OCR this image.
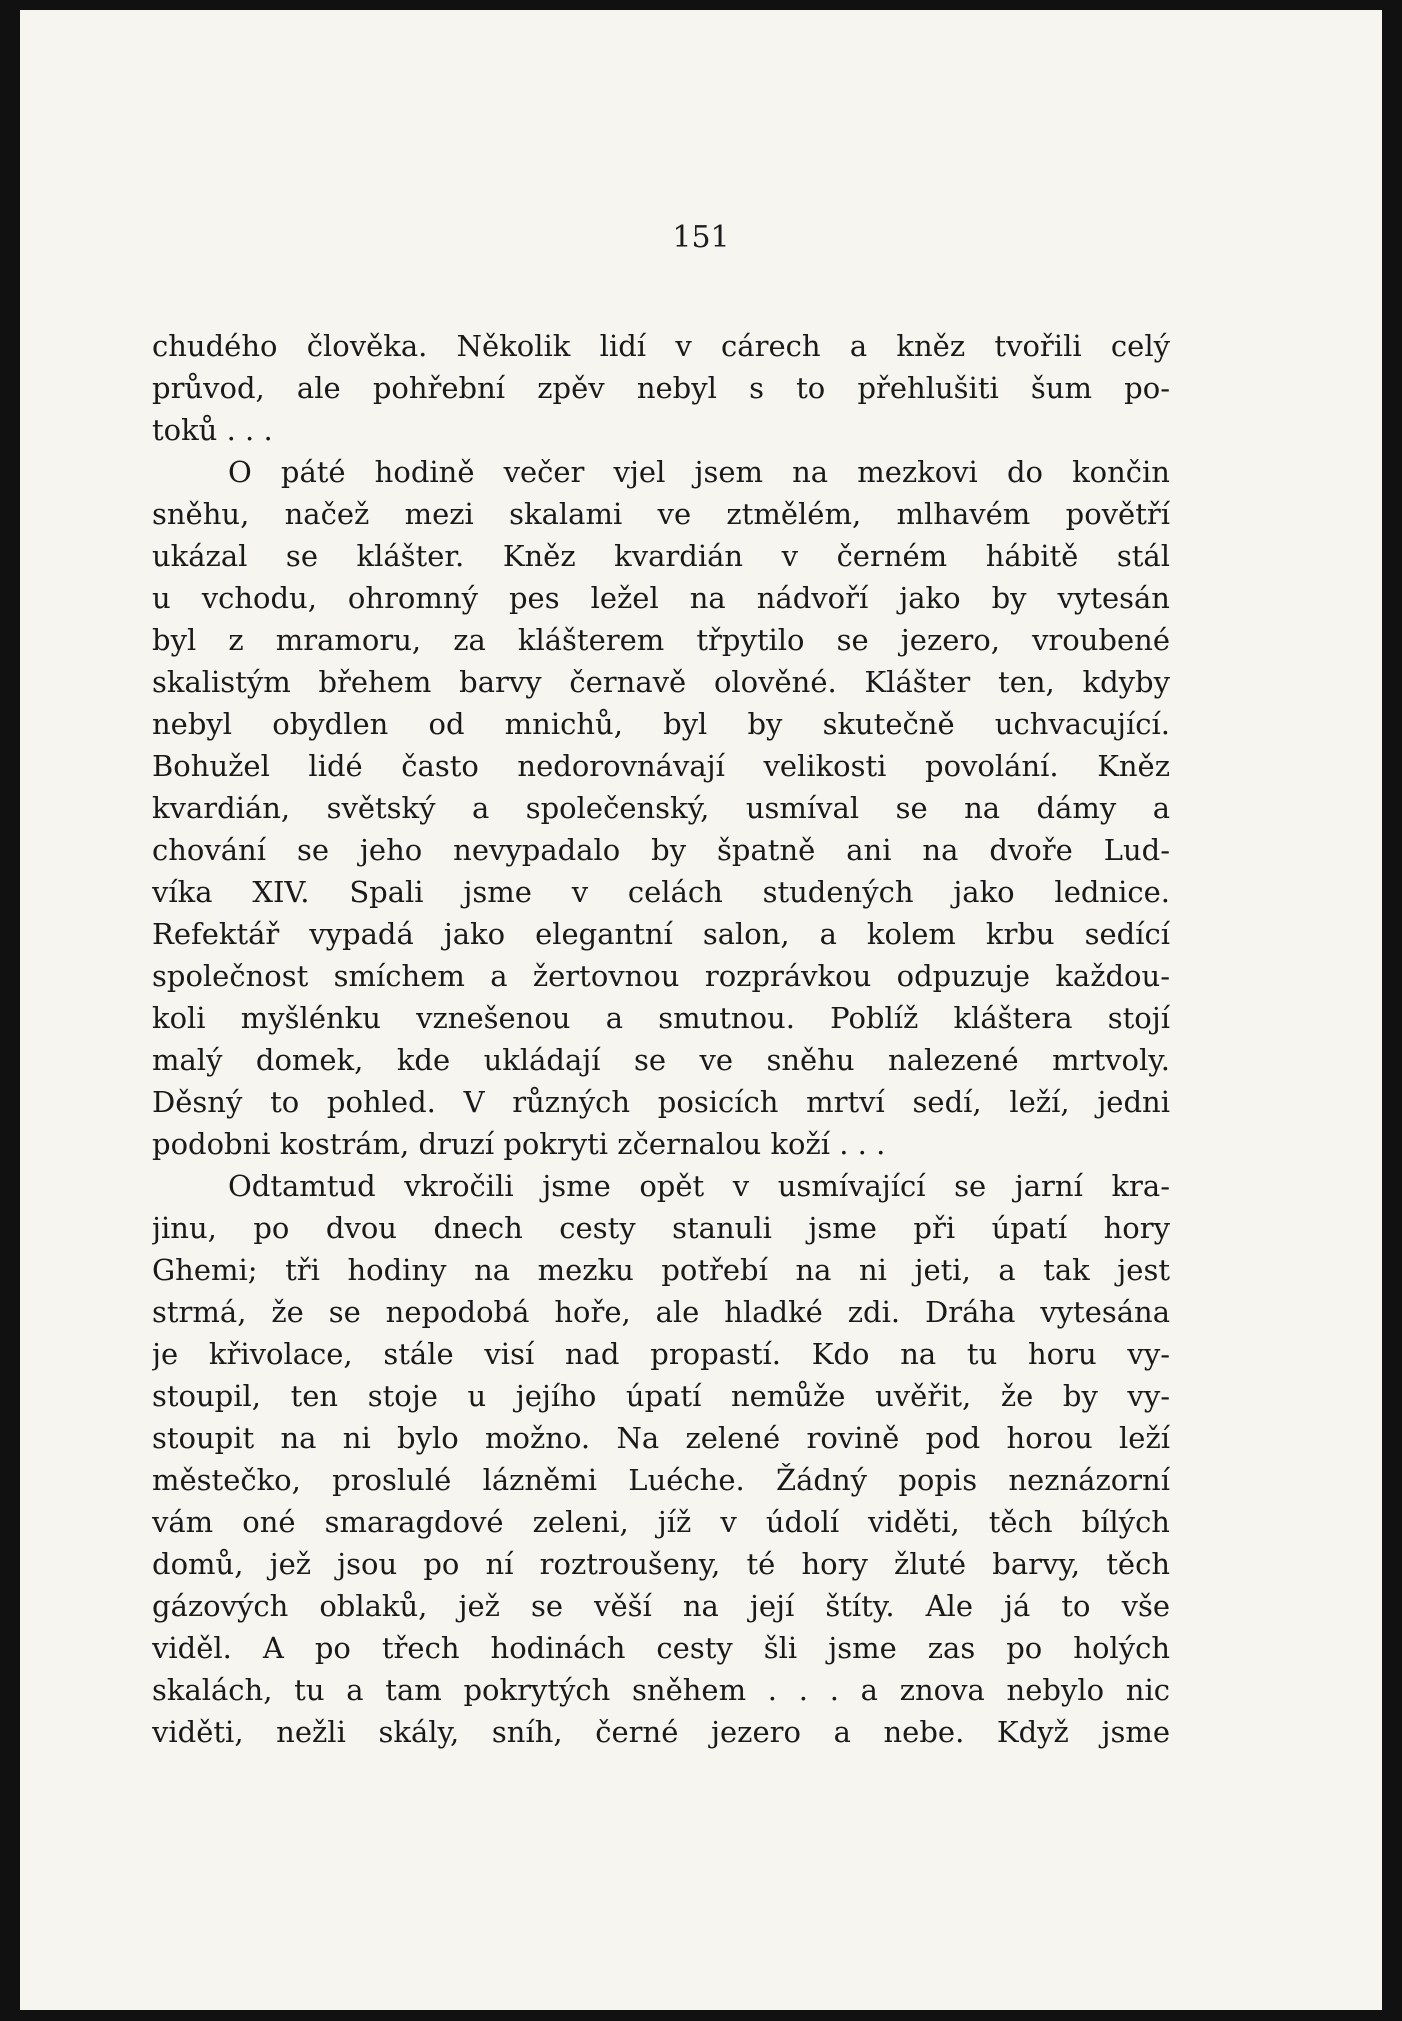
151
chudého člověka. Několik lidí v cárech a kněz tvořili celý
průvod, ale pohřební zpěv nebyl s to přehlušiti šum po-
toků . . .
O páté hodině večer vjel jsem na mezkovi do končin
sněhu, načež mezi skalami ve ztmělém, mlhavém povětří
ukázal se klášter. Kněz kvardián v černém hábitě stál
u vchodu, ohromný pes ležel na nádvoří jako by vytesán
byl z mramoru, za klášterem třpytilo se jezero, vroubené
skalistým břehem barvy černavě olověné. Klášter ten, kdyby
nebyl obydlen od mnichů, byl by skutečně uchvacující.
Bohužel lidé často nedorovnávají velikosti povolání. Kněz
kvardián, světský a společenský, usmíval se na dámy a
chování se jeho nevypadalo by špatně ani na dvoře Lud-
víka XIV. Spali jsme v celách studených jako lednice.
Refektář vypadá jako elegantní salon, a kolem krbu sedící
společnost smíchem a žertovnou rozprávkou odpuzuje každou-
koli myšlénku vznešenou a smutnou. Poblíž kláštera stojí
malý domek, kde ukládají se ve sněhu nalezené mrtvoly.
Děsný to pohled. V různých posicích mrtví sedí, leží, jedni
podobni kostrám, druzí pokryti zčernalou koží . . .
Odtamtud vkročili jsme opět v usmívající se jarní kra-
jinu, po dvou dnech cesty stanuli jsme při úpatí hory
Ghemi; tři hodiny na mezku potřebí na ni jeti, a tak jest
strmá, že se nepodobá hoře, ale hladké zdi. Dráha vytesána
je křivolace, stále visí nad propastí. Kdo na tu horu vy-
stoupil, ten stoje u jejího úpatí nemůže uvěřit, že by vy-
stoupit na ni bylo možno. Na zelené rovině pod horou leží
městečko, proslulé lázněmi Luéche. Žádný popis neznázorní
vám oné smaragdové zeleni, jíž v údolí viděti, těch bílých
domů, jež jsou po ní roztroušeny, té hory žluté barvy, těch
gázových oblaků, jež se věší na její štíty. Ale já to vše
viděl. A po třech hodinách cesty šli jsme zas po holých
skalách, tu a tam pokrytých sněhem . . . a znova nebylo nic
viděti, nežli skály, sníh, černé jezero a nebe. Když jsme
